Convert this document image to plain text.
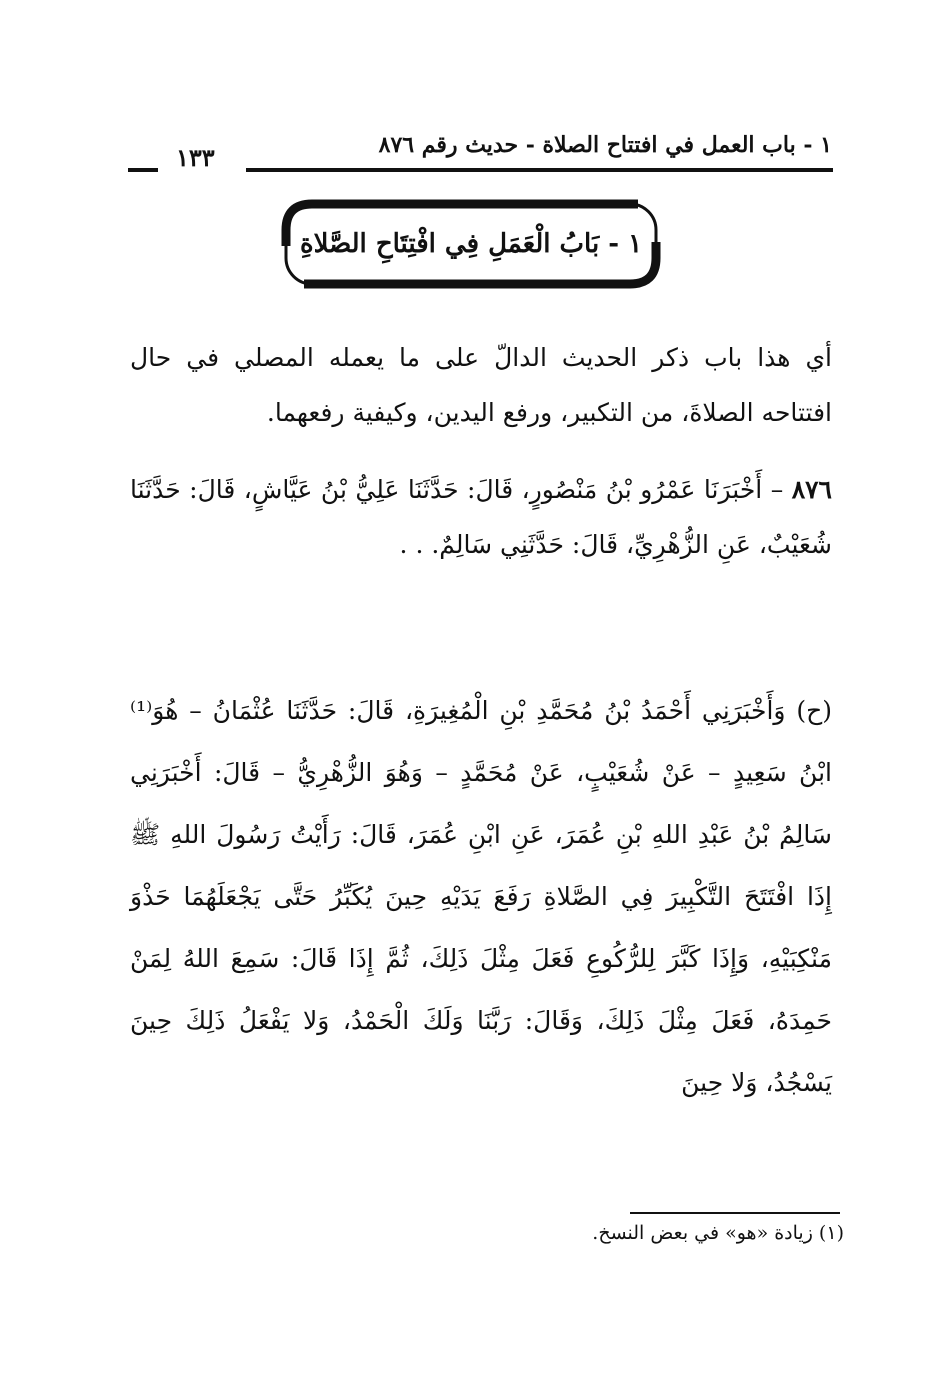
١ - باب العمل في افتتاح الصلاة - حديث رقم ٨٧٦
١٣٣
١ - بَابُ الْعَمَلِ فِي افْتِتَاحِ الصَّلاةِ
أي هذا باب ذكر الحديث الدالّ على ما يعمله المصلي في حال افتتاحه الصلاةَ، من التكبير، ورفع اليدين، وكيفية رفعهما.
٨٧٦ – أَخْبَرَنَا عَمْرُو بْنُ مَنْصُورٍ، قَالَ: حَدَّثَنَا عَلِيُّ بْنُ عَيَّاشٍ، قَالَ: حَدَّثَنَا شُعَيْبٌ، عَنِ الزُّهْرِيِّ، قَالَ: حَدَّثَنِي سَالِمٌ. . .
(ح) وَأَخْبَرَنِي أَحْمَدُ بْنُ مُحَمَّدِ بْنِ الْمُغِيرَةِ، قَالَ: حَدَّثَنَا عُثْمَانُ – هُوَ⁽¹⁾ ابْنُ سَعِيدٍ – عَنْ شُعَيْبٍ، عَنْ مُحَمَّدٍ – وَهُوَ الزُّهْرِيُّ – قَالَ: أَخْبَرَنِي سَالِمُ بْنُ عَبْدِ اللهِ بْنِ عُمَرَ، عَنِ ابْنِ عُمَرَ، قَالَ: رَأَيْتُ رَسُولَ اللهِ ﷺ إِذَا افْتَتَحَ التَّكْبِيرَ فِي الصَّلاةِ رَفَعَ يَدَيْهِ حِينَ يُكَبِّرُ حَتَّى يَجْعَلَهُمَا حَذْوَ مَنْكِبَيْهِ، وَإِذَا كَبَّرَ لِلرُّكُوعِ فَعَلَ مِثْلَ ذَلِكَ، ثُمَّ إِذَا قَالَ: سَمِعَ اللهُ لِمَنْ حَمِدَهُ، فَعَلَ مِثْلَ ذَلِكَ، وَقَالَ: رَبَّنَا وَلَكَ الْحَمْدُ، وَلا يَفْعَلُ ذَلِكَ حِينَ يَسْجُدُ، وَلا حِينَ
(١) زيادة «هو» في بعض النسخ.
